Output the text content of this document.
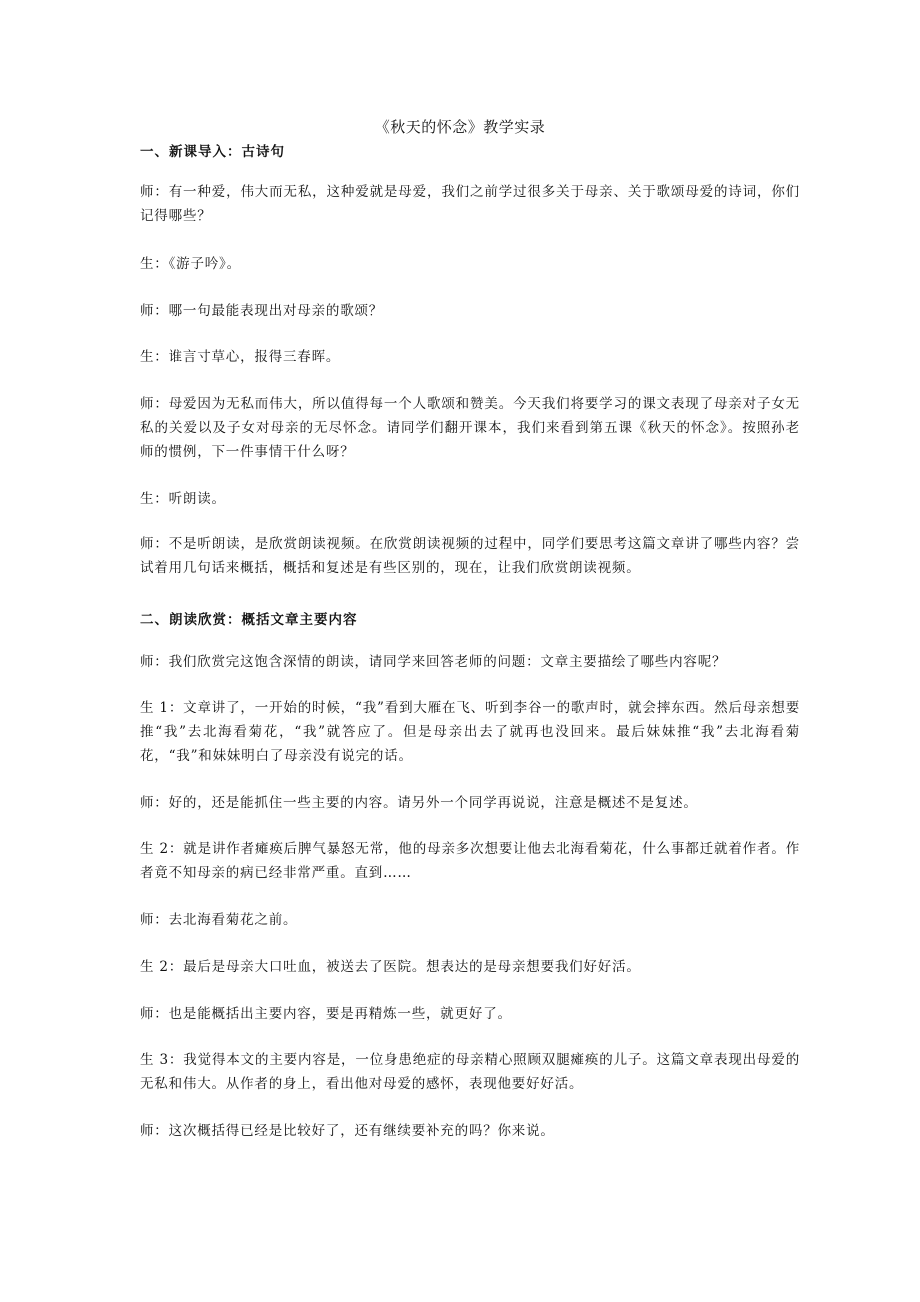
《秋天的怀念》教学实录
一、新课导入：古诗句
师：有一种爱，伟大而无私，这种爱就是母爱，我们之前学过很多关于母亲、关于歌颂母爱的诗词，你们记得哪些？
生：《游子吟》。
师：哪一句最能表现出对母亲的歌颂？
生：谁言寸草心，报得三春晖。
师：母爱因为无私而伟大，所以值得每一个人歌颂和赞美。今天我们将要学习的课文表现了母亲对子女无私的关爱以及子女对母亲的无尽怀念。请同学们翻开课本，我们来看到第五课《秋天的怀念》。按照孙老师的惯例，下一件事情干什么呀？
生：听朗读。
师：不是听朗读，是欣赏朗读视频。在欣赏朗读视频的过程中，同学们要思考这篇文章讲了哪些内容？尝试着用几句话来概括，概括和复述是有些区别的，现在，让我们欣赏朗读视频。
二、朗读欣赏：概括文章主要内容
师：我们欣赏完这饱含深情的朗读，请同学来回答老师的问题：文章主要描绘了哪些内容呢？
生 1：文章讲了，一开始的时候，“我”看到大雁在飞、听到李谷一的歌声时，就会摔东西。然后母亲想要推“我”去北海看菊花，“我”就答应了。但是母亲出去了就再也没回来。最后妹妹推“我”去北海看菊花，“我”和妹妹明白了母亲没有说完的话。
师：好的，还是能抓住一些主要的内容。请另外一个同学再说说，注意是概述不是复述。
生 2：就是讲作者瘫痪后脾气暴怒无常，他的母亲多次想要让他去北海看菊花，什么事都迁就着作者。作者竟不知母亲的病已经非常严重。直到……
师：去北海看菊花之前。
生 2：最后是母亲大口吐血，被送去了医院。想表达的是母亲想要我们好好活。
师：也是能概括出主要内容，要是再精炼一些，就更好了。
生 3：我觉得本文的主要内容是，一位身患绝症的母亲精心照顾双腿瘫痪的儿子。这篇文章表现出母爱的无私和伟大。从作者的身上，看出他对母爱的感怀，表现他要好好活。
师：这次概括得已经是比较好了，还有继续要补充的吗？你来说。
